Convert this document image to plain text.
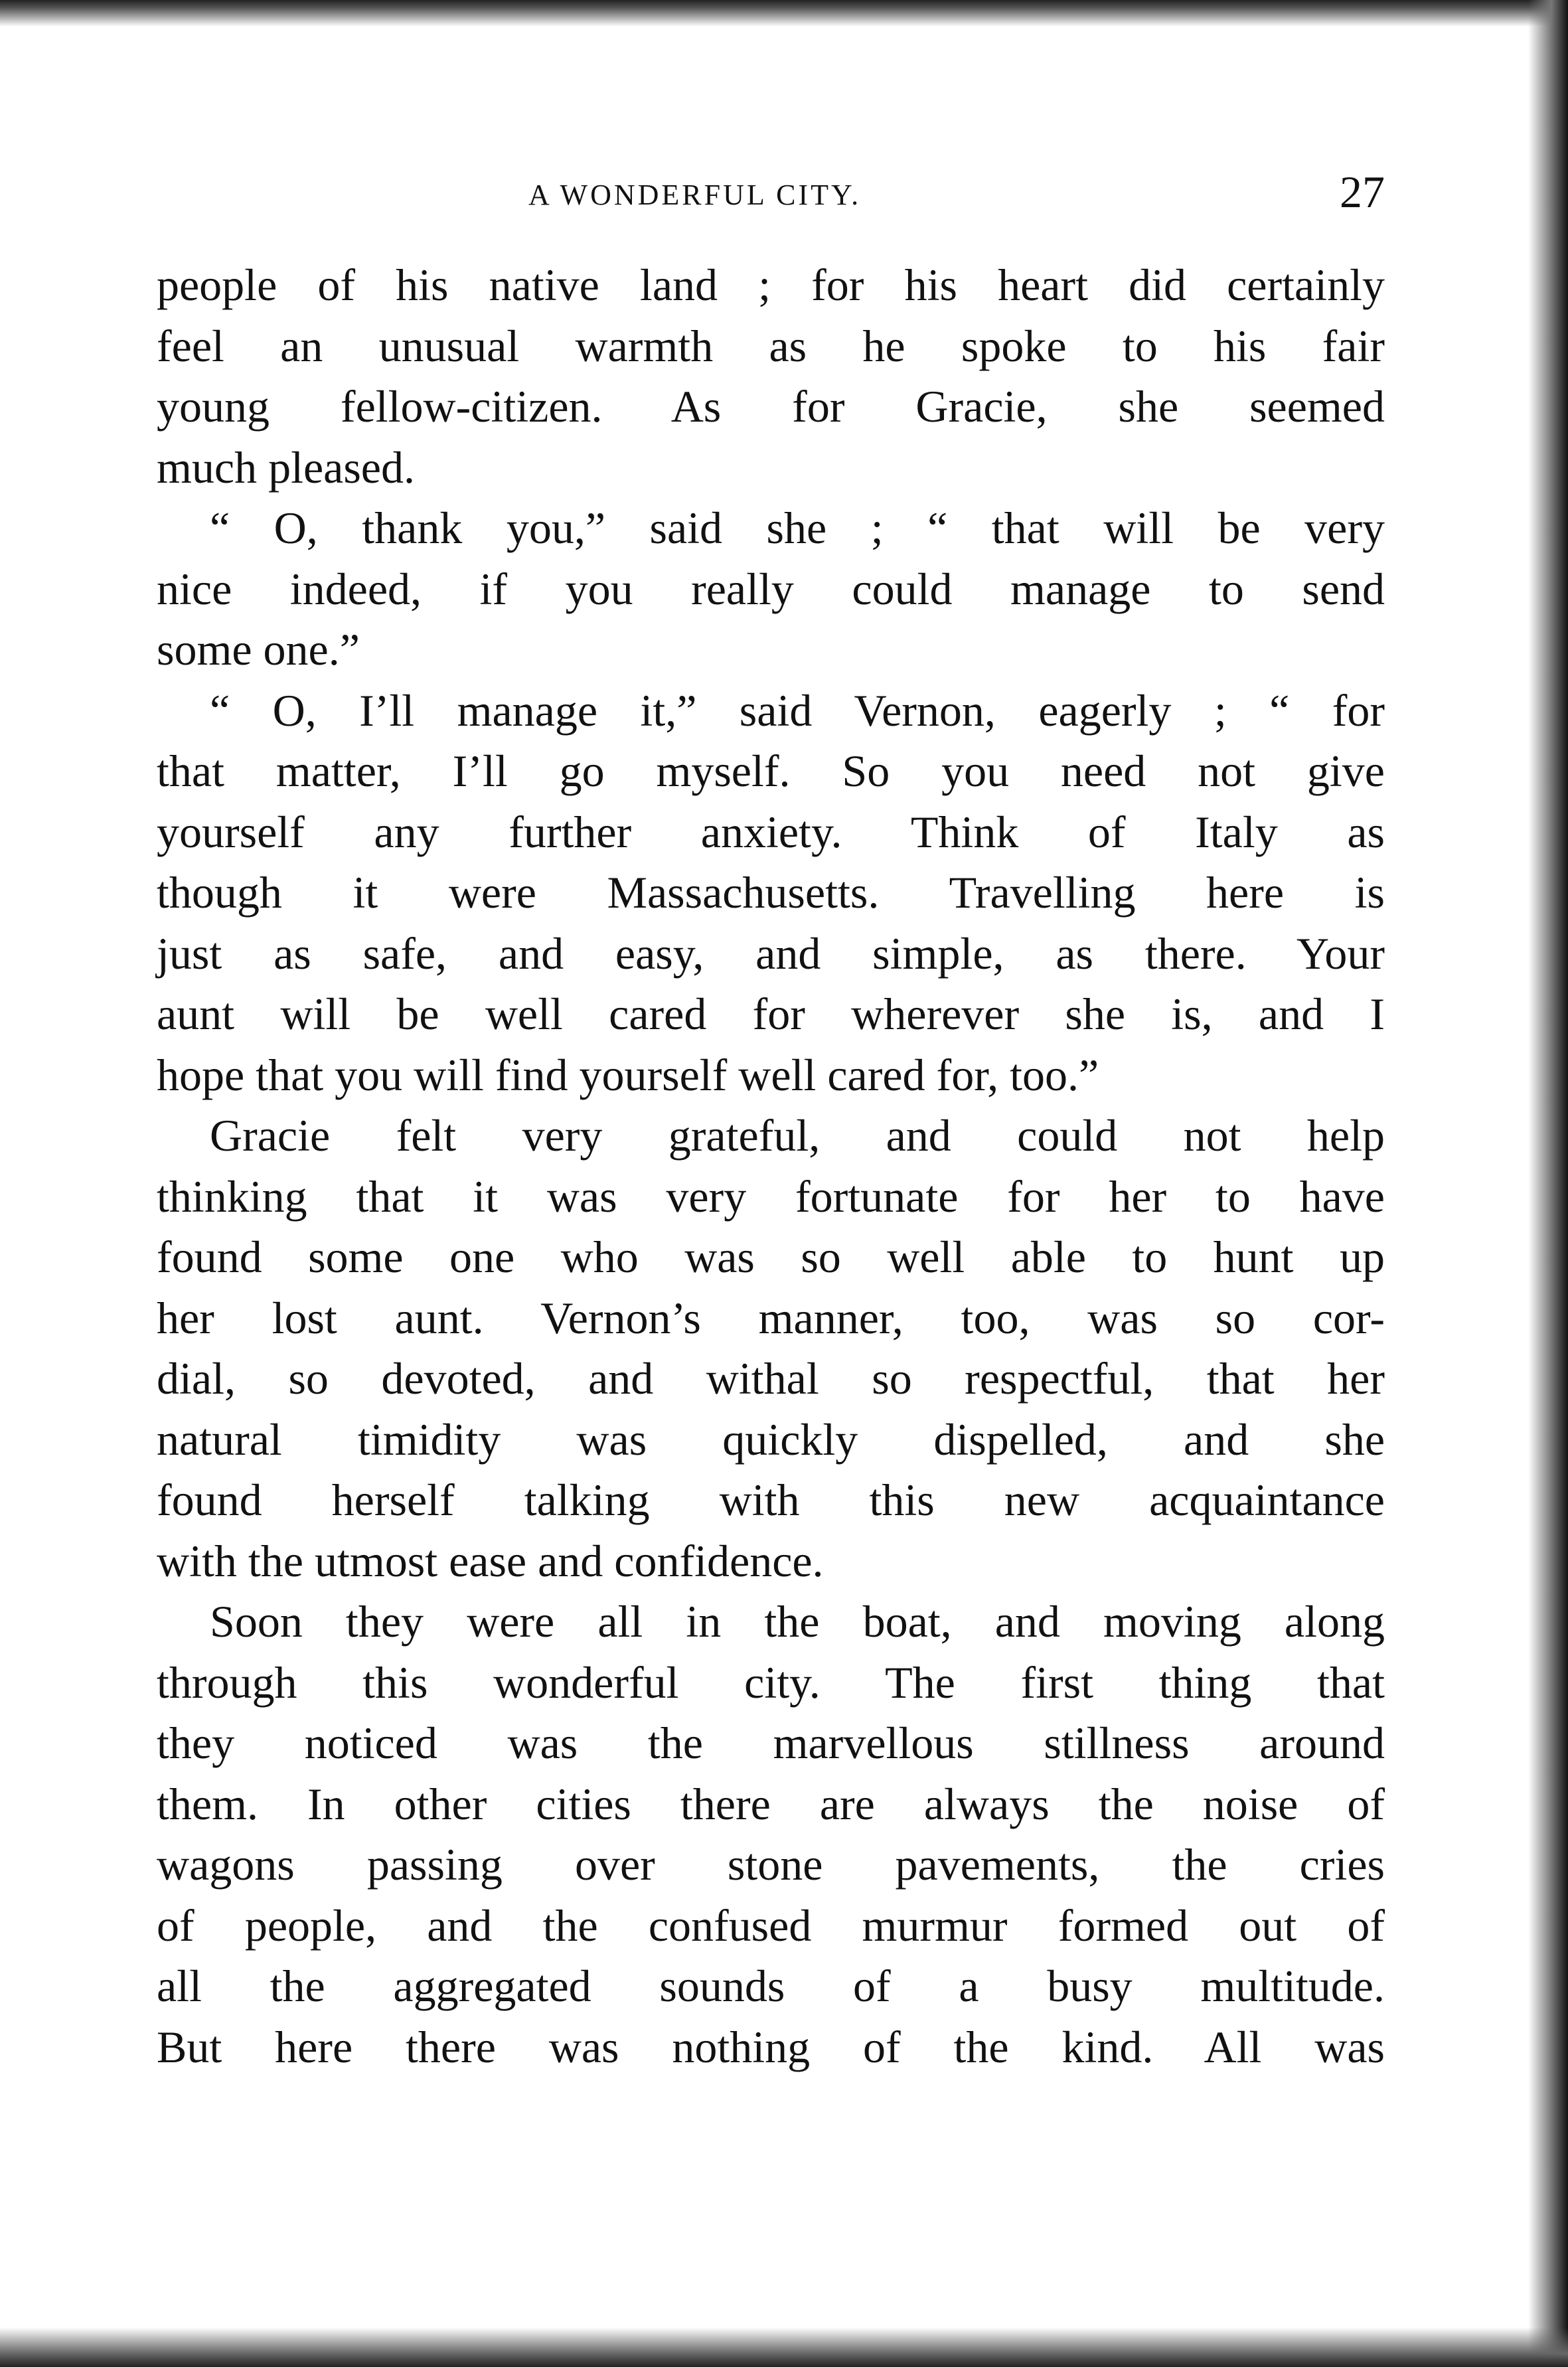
A WONDERFUL CITY.	27
people of his native land ; for his heart did certainly
feel an unusual warmth as he spoke to his fair
young fellow-citizen. As for Gracie, she seemed
much pleased.
“ O, thank you,” said she ; “ that will be very
nice indeed, if you really could manage to send
some one.”
“ O, I’ll manage it,” said Vernon, eagerly ; “ for
that matter, I’ll go myself. So you need not give
yourself any further anxiety. Think of Italy as
though it were Massachusetts. Travelling here is
just as safe, and easy, and simple, as there. Your
aunt will be well cared for wherever she is, and I
hope that you will find yourself well cared for, too.”
Gracie felt very grateful, and could not help
thinking that it was very fortunate for her to have
found some one who was so well able to hunt up
her lost aunt. Vernon’s manner, too, was so cor-
dial, so devoted, and withal so respectful, that her
natural timidity was quickly dispelled, and she
found herself talking with this new acquaintance
with the utmost ease and confidence.
Soon they were all in the boat, and moving along
through this wonderful city. The first thing that
they noticed was the marvellous stillness around
them. In other cities there are always the noise of
wagons passing over stone pavements, the cries
of people, and the confused murmur formed out of
all the aggregated sounds of a busy multitude.
But here there was nothing of the kind. All was
